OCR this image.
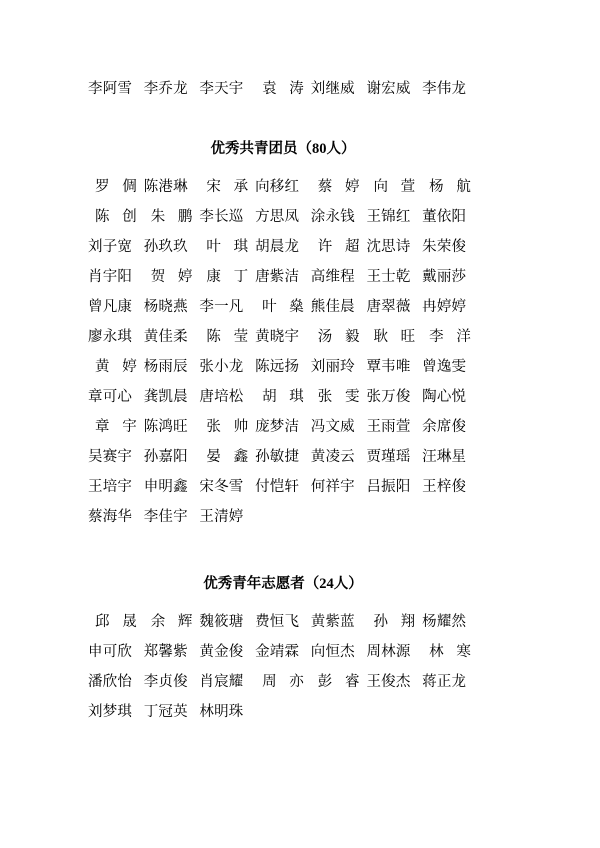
李阿雪 李乔龙 李天宇	袁 涛 刘继威 谢宏威 李伟龙
优秀共青团员（80人）
罗 倜 陈港琳	宋 承 向移红	蔡 婷 向 萱 杨 航
陈 创 朱 鹏 李长巡 方思凤 涂永钱 王锦红 董依阳
刘子宽 孙玖玖	叶 琪 胡晨龙	许 超 沈思诗 朱荣俊
肖宇阳	贺 婷 康 丁 唐紫洁 高维程 王士乾 戴丽莎
曾凡康 杨晓燕 李一凡	叶 燊 熊佳晨 唐翠薇 冉婷婷
廖永琪 黄佳柔	陈 莹 黄晓宇	汤 毅 耿 旺 李 洋
黄 婷 杨雨辰 张小龙 陈远扬 刘丽玲 覃韦唯 曾逸雯
章可心 龚凯晨 唐培松	胡 琪 张 雯 张万俊 陶心悦
章 宇 陈鸿旺	张 帅 庞梦洁 冯文威 王雨萱 余席俊
吴赛宇 孙嘉阳	晏 鑫 孙敏捷 黄凌云 贾瑾瑶 汪琳星
王培宇 申明鑫 宋冬雪 付恺轩 何祥宇 吕振阳 王梓俊
蔡海华 李佳宇 王清婷
优秀青年志愿者（24人）
邱 晟 余 辉 魏筱瑭 费恒飞 黄紫蓝	孙 翔 杨耀然
申可欣 郑馨紫 黄金俊 金靖霖 向恒杰 周林源	林 寒
潘欣怡 李贞俊 肖宸耀	周 亦 彭 睿 王俊杰 蒋正龙
刘梦琪 丁冠英 林明珠
